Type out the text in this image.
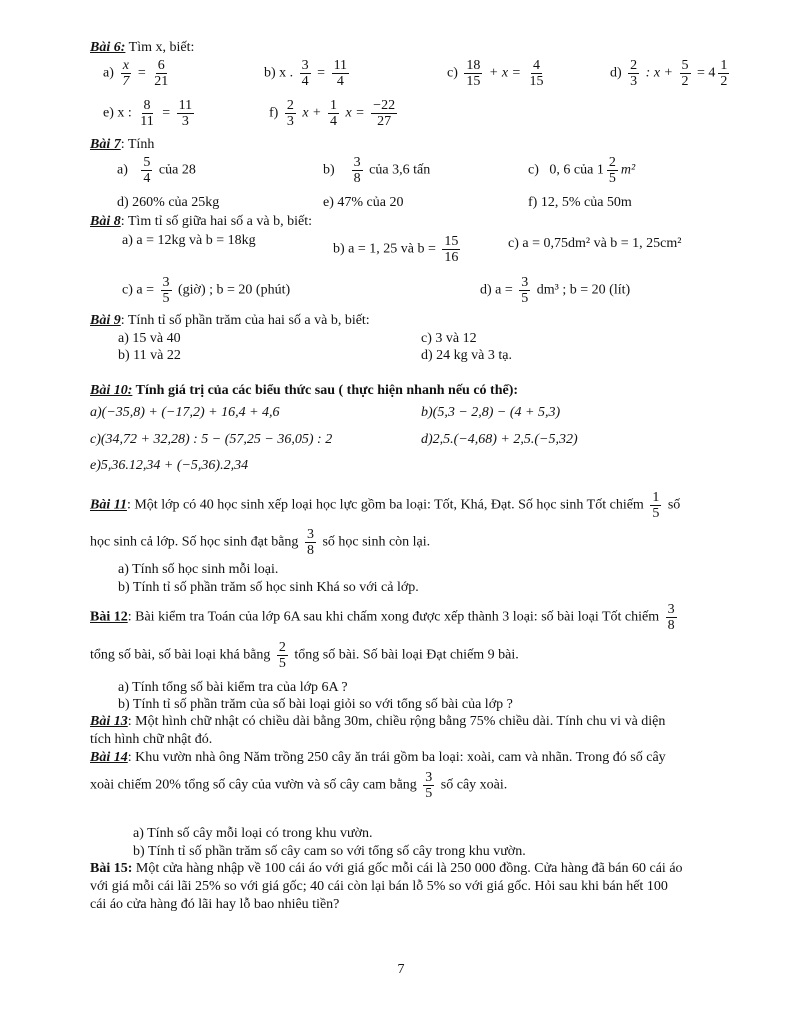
Bài 6: Tìm x, biết:
$a) \frac{x}{7} = \frac{6}{21}$	b) x . $\frac{3}{4} = \frac{11}{4}$	$c) \frac{18}{15} + x = \frac{4}{15}$	$d) \frac{2}{3}$ : $x + \frac{5}{2} = 4 \frac{1}{2}$
e) x : $\frac{8}{11} = \frac{11}{3}$	$f) \frac{2}{3}$ $x + \frac{1}{4}$ $x = \frac{-22}{27}$
Bài 7: Tính
$a) \frac{5}{4}$ của 28	$b) \frac{3}{8}$ của 3,6 tấn	c) 0, 6 của $1 \frac{2}{5} m^2$
d) 260% của 25kg	e) 47% của 20	f) 12, 5% của 50m
Bài 8: Tìm tỉ số giữa hai số a và b, biết:
a) a = 12kg và b = 18kg
b) a = 1, 25 và $b = \frac{15}{16}$	c) a = 0,75dm² và b = 1, 25cm²
c) $a = \frac{3}{5}$ (giờ) ; b = 20 (phút)	d) $a = \frac{3}{5} dm^3$ ; b = 20 (lít)
Bài 9: Tính tỉ số phần trăm của hai số a và b, biết:
a) 15 và 40
b) 11 và 22
c) 3 và 12
d) 24 kg và 3 tạ.
Bài 10: Tính giá trị của các biểu thức sau ( thực hiện nhanh nếu có thể):
a)(−35,8) + (−17,2) + 16,4 + 4,6	b)(5,3 − 2,8) − (4 + 5,3)
c)(34,72 + 32,28) : 5 − (57,25 − 36,05) : 2	d)2,5.(−4,68) + 2,5.(−5,32)
e)5,36.12,34 + (−5,36).2,34
Bài 11: Một lớp có 40 học sinh xếp loại học lực gồm ba loại: Tốt, Khá, Đạt. Số học sinh Tốt chiếm $\frac{1}{5}$ số
học sinh cả lớp. Số học sinh đạt bằng $\frac{3}{8}$ số học sinh còn lại.
a) Tính số học sinh mỗi loại.
b) Tính tỉ số phần trăm số học sinh Khá so với cả lớp.
Bài 12: Bài kiểm tra Toán của lớp 6A sau khi chấm xong được xếp thành 3 loại: số bài loại Tốt chiếm $\frac{3}{8}$
tổng số bài, số bài loại khá bằng $\frac{2}{5}$ tổng số bài. Số bài loại Đạt chiếm 9 bài.
a) Tính tổng số bài kiểm tra của lớp 6A ?
b) Tính tỉ số phần trăm của số bài loại giỏi so với tổng số bài của lớp ?
Bài 13: Một hình chữ nhật có chiều dài bằng 30m, chiều rộng bằng 75% chiều dài. Tính chu vi và diện
tích hình chữ nhật đó.
Bài 14: Khu vườn nhà ông Năm trồng 250 cây ăn trái gồm ba loại: xoài, cam và nhãn. Trong đó số cây
xoài chiếm 20% tổng số cây của vườn và số cây cam bằng $\frac{3}{5}$ số cây xoài.
a) Tính số cây mỗi loại có trong khu vườn.
b) Tính tỉ số phần trăm số cây cam so với tổng số cây trong khu vườn.
Bài 15: Một cửa hàng nhập về 100 cái áo với giá gốc mỗi cái là 250 000 đồng. Cửa hàng đã bán 60 cái áo
với giá mỗi cái lãi 25% so với giá gốc; 40 cái còn lại bán lỗ 5% so với giá gốc. Hỏi sau khi bán hết 100
cái áo cửa hàng đó lãi hay lỗ bao nhiêu tiền?
7
